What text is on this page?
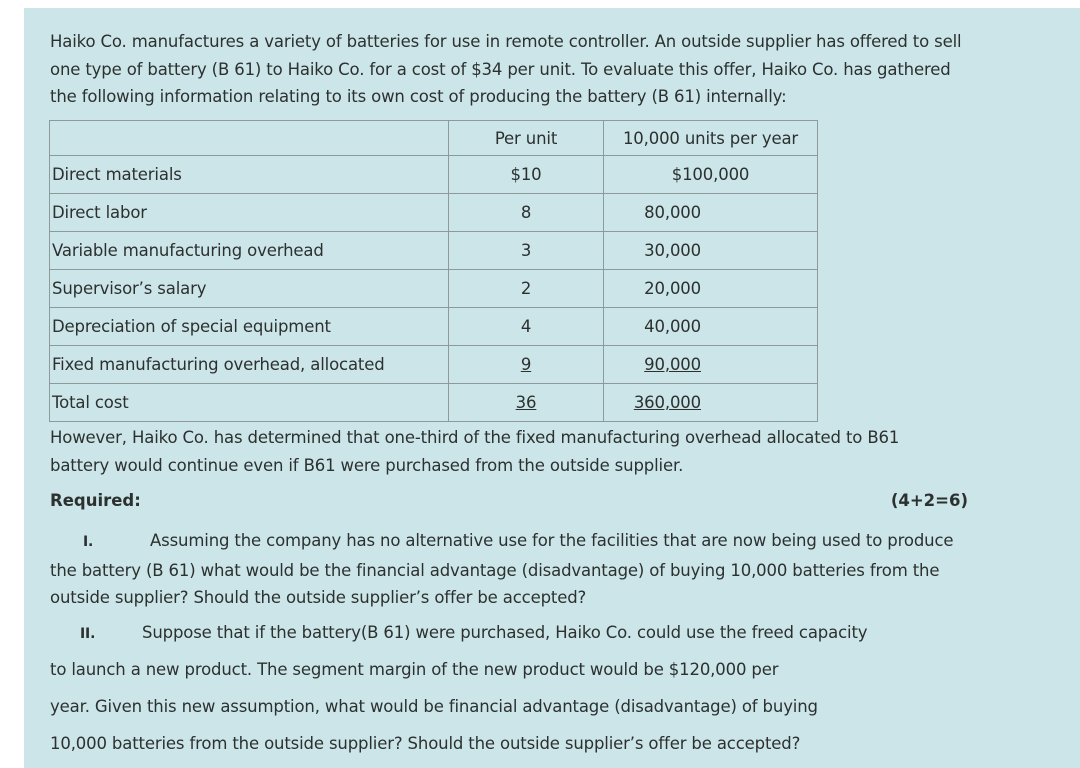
Haiko Co. manufactures a variety of batteries for use in remote controller. An outside supplier has offered to sell

one type of battery (B 61) to Haiko Co. for a cost of $34 per unit. To evaluate this offer, Haiko Co. has gathered

the following information relating to its own cost of producing the battery (B 61) internally:

	Per unit	10,000 units per year
Direct materials	$10	$100,000
Direct labor	8	80,000
Variable manufacturing overhead	3	30,000
Supervisor’s salary	2	20,000
Depreciation of special equipment	4	40,000
Fixed manufacturing overhead, allocated	9	90,000
Total cost	36	360,000

However, Haiko Co. has determined that one-third of the fixed manufacturing overhead allocated to B61

battery would continue even if B61 were purchased from the outside supplier.

Required:	(4+2=6)

I.	Assuming the company has no alternative use for the facilities that are now being used to produce

the battery (B 61) what would be the financial advantage (disadvantage) of buying 10,000 batteries from the

outside supplier? Should the outside supplier’s offer be accepted?

II.	Suppose that if the battery(B 61) were purchased, Haiko Co. could use the freed capacity

to launch a new product. The segment margin of the new product would be $120,000 per

year. Given this new assumption, what would be financial advantage (disadvantage) of buying

10,000 batteries from the outside supplier? Should the outside supplier’s offer be accepted?
